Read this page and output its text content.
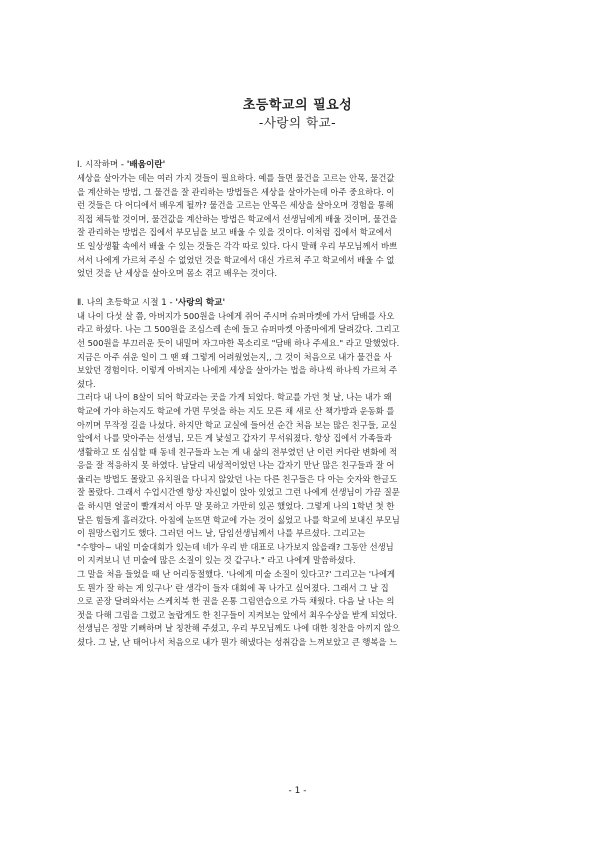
초등학교의 필요성
-사랑의 학교-

Ⅰ. 시작하며 - '배움이란'

세상을 살아가는 데는 여러 가지 것들이 필요하다. 예를 들면 물건을 고르는 안목, 물건값
을 계산하는 방법, 그 물건을 잘 관리하는 방법들은 세상을 살아가는데 아주 중요하다. 이
런 것들은 다 어디에서 배우게 될까? 물건을 고르는 안목은 세상을 살아오며 경험을 통해
직접 체득할 것이며, 물건값을 계산하는 방법은 학교에서 선생님에게 배울 것이며, 물건을
잘 관리하는 방법은 집에서 부모님을 보고 배울 수 있을 것이다. 이처럼 집에서 학교에서
또 일상생활 속에서 배울 수 있는 것들은 각각 따로 있다. 다시 말해 우리 부모님께서 바쁘
셔서 나에게 가르쳐 주실 수 없었던 것을 학교에서 대신 가르쳐 주고 학교에서 배울 수 없
었던 것을 난 세상을 살아오며 몸소 겪고 배우는 것이다.

Ⅱ. 나의 초등학교 시절 1 - '사랑의 학교'

내 나이 다섯 살 쯤, 아버지가 500원을 나에게 쥐어 주시며 슈퍼마켓에 가서 담배를 사오
라고 하셨다. 나는 그 500원을 조심스레 손에 들고 슈퍼마켓 아줌마에게 달려갔다. 그리고
선 500원을 부끄러운 듯이 내밀며 자그마한 목소리로 "담배 하나 주세요." 라고 말했었다.
지금은 아주 쉬운 일이 그 땐 왜 그렇게 어려웠었는지,, 그 것이 처음으로 내가 물건을 사
보았던 경험이다. 이렇게 아버지는 나에게 세상을 살아가는 법을 하나씩 하나씩 가르쳐 주
셨다.
그러다 내 나이 8살이 되어 학교라는 곳을 가게 되었다. 학교를 가던 첫 날, 나는 내가 왜
학교에 가야 하는지도 학교에 가면 무엇을 하는 지도 모른 채 새로 산 책가방과 운동화 를
아끼며 무작정 길을 나섰다. 하지만 학교 교실에 들어선 순간 처음 보는 많은 친구들, 교실
앞에서 나를 맞아주는 선생님, 모든 게 낯설고 갑자기 무서워졌다. 항상 집에서 가족들과
생활하고 또 심심할 때 동네 친구들과 노는 게 내 삶의 전부였던 난 이런 커다란 변화에 적
응을 잘 적응하지 못 하였다. 남달리 내성적이었던 나는 갑자기 만난 많은 친구들과 잘 어
울리는 방법도 몰랐고 유치원을 다니지 않았던 나는 다른 친구들은 다 아는 숫자와 한글도
잘 몰랐다. 그래서 수업시간엔 항상 자신없이 앉아 있었고 그런 나에게 선생님이 가끔 질문
을 하시면 얼굴이 빨개져서 아무 말 못하고 가만히 있곤 했었다. 그렇게 나의 1학년 첫 한
달은 힘들게 흘러갔다. 아침에 눈뜨면 학교에 가는 것이 싫었고 나를 학교에 보내신 부모님
이 원망스럽기도 했다. 그러던 어느 날, 담임선생님께서 나를 부르셨다. 그리고는
"수향아~ 내일 미술대회가 있는데 네가 우리 반 대표로 나가보지 않을래? 그동안 선생님
이 지켜보니 넌 미술에 많은 소질이 있는 것 같구나." 라고 나에게 말씀하셨다.
그 말을 처음 들었을 때 난 어리둥절했다. '나에게 미술 소질이 있다고?' 그리고는 '나에게
도 뭔가 잘 하는 게 있구나' 란 생각이 들자 대회에 꼭 나가고 싶어졌다. 그래서 그 날 집
으로 곧장 달려와서는 스케치북 한 권을 온통 그림연습으로 가득 채웠다. 다음 날 나는 의
젓을 다해 그림을 그렸고 놀랍게도 한 친구들이 지켜보는 앞에서 최우수상을 받게 되었다.
선생님은 정말 기뻐하며 날 칭찬해 주셨고, 우리 부모님께도 나에 대한 칭찬을 아끼지 않으
셨다. 그 날, 난 태어나서 처음으로 내가 뭔가 해냈다는 성취감을 느껴보았고 큰 행복을 느
- 1 -
